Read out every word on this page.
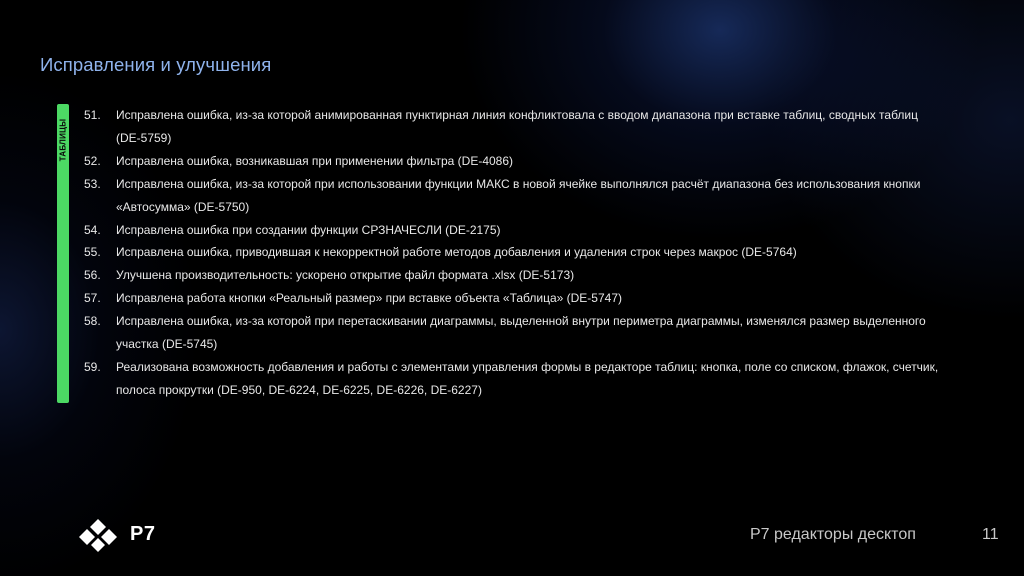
Исправления и улучшения
ТАБЛИЦЫ
51.	Исправлена ошибка, из-за которой анимированная пунктирная линия конфликтовала с вводом диапазона при вставке таблиц, сводных таблиц (DE-5759)
52.	Исправлена ошибка, возникавшая при применении фильтра (DE-4086)
53.	Исправлена ошибка, из-за которой при использовании функции МАКС в новой ячейке выполнялся расчёт диапазона без использования кнопки «Автосумма» (DE-5750)
54.	Исправлена ошибка при создании функции СРЗНАЧЕСЛИ (DE-2175)
55.	Исправлена ошибка, приводившая к некорректной работе методов добавления и удаления строк через макрос (DE-5764)
56.	Улучшена производительность: ускорено открытие файл формата .xlsx (DE-5173)
57.	Исправлена работа кнопки «Реальный размер» при вставке объекта «Таблица» (DE-5747)
58.	Исправлена ошибка, из-за которой при перетаскивании диаграммы, выделенной внутри периметра диаграммы, изменялся размер выделенного участка (DE-5745)
59.	Реализована возможность добавления и работы с элементами управления формы в редакторе таблиц: кнопка, поле со списком, флажок, счетчик, полоса прокрутки (DE-950, DE-6224, DE-6225, DE-6226, DE-6227)
Р7	Р7 редакторы десктоп	11
